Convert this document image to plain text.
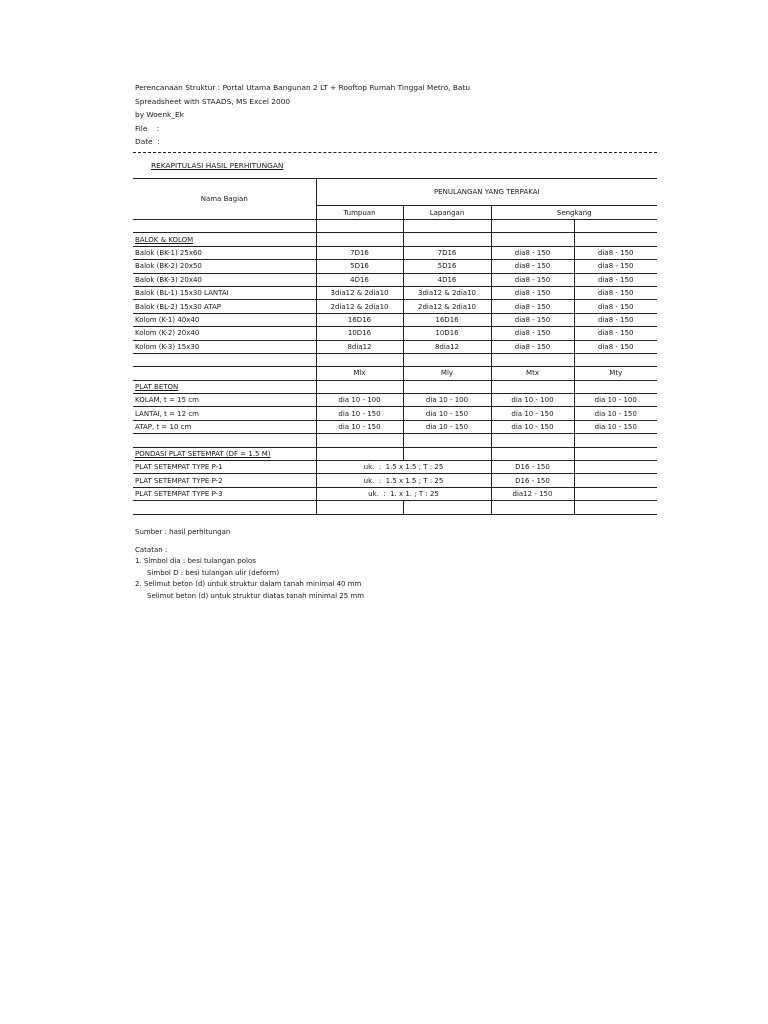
Perencanaan Struktur : Portal Utama Bangunan 2 LT + Rooftop Rumah Tinggal Metro, Batu
Spreadsheet with STAADS, MS Excel 2000
by Woenk_Ek
File    :
Date  :
REKAPITULASI HASIL PERHITUNGAN
Nama Bagian	PENULANGAN YANG TERPAKAI			
	Tumpuan	Lapangan	Sengkang	

BALOK & KOLOM				
Balok (BK-1) 25x60	7D16	7D16	dia8 - 150	dia8 - 150
Balok (BK-2) 20x50	5D16	5D16	dia8 - 150	dia8 - 150
Balok (BK-3) 20x40	4D16	4D16	dia8 - 150	dia8 - 150
Balok (BL-1) 15x30 LANTAI	3dia12 & 2dia10	3dia12 & 2dia10	dia8 - 150	dia8 - 150
Balok (BL-2) 15x30 ATAP	2dia12 & 2dia10	2dia12 & 2dia10	dia8 - 150	dia8 - 150
Kolom (K-1) 40x40	16D16	16D16	dia8 - 150	dia8 - 150
Kolom (K-2) 20x40	10D16	10D16	dia8 - 150	dia8 - 150
Kolom (K-3) 15x30	8dia12	8dia12	dia8 - 150	dia8 - 150

	Mlx	Mly	Mtx	Mty
PLAT BETON				
KOLAM, t = 15 cm	dia 10 - 100	dia 10 - 100	dia 10 - 100	dia 10 - 100
LANTAI, t = 12 cm	dia 10 - 150	dia 10 - 150	dia 10 - 150	dia 10 - 150
ATAP, t = 10 cm	dia 10 - 150	dia 10 - 150	dia 10 - 150	dia 10 - 150

PONDASI PLAT SETEMPAT (DF = 1.5 M)				
PLAT SETEMPAT TYPE P-1	uk.  :  1.5 x 1.5 ; T : 25		D16 - 150	
PLAT SETEMPAT TYPE P-2	uk.  :  1.5 x 1.5 ; T : 25		D16 - 150	
PLAT SETEMPAT TYPE P-3	uk.  :  1. x 1. ; T : 25		dia12 - 150	

Sumber : hasil perhitungan
Catatan :
1. Simbol dia : besi tulangan polos
Simbol D : besi tulangan ulir (deform)
2. Selimut beton (d) untuk struktur dalam tanah minimal 40 mm
Selimut beton (d) untuk struktur diatas tanah minimal 25 mm
